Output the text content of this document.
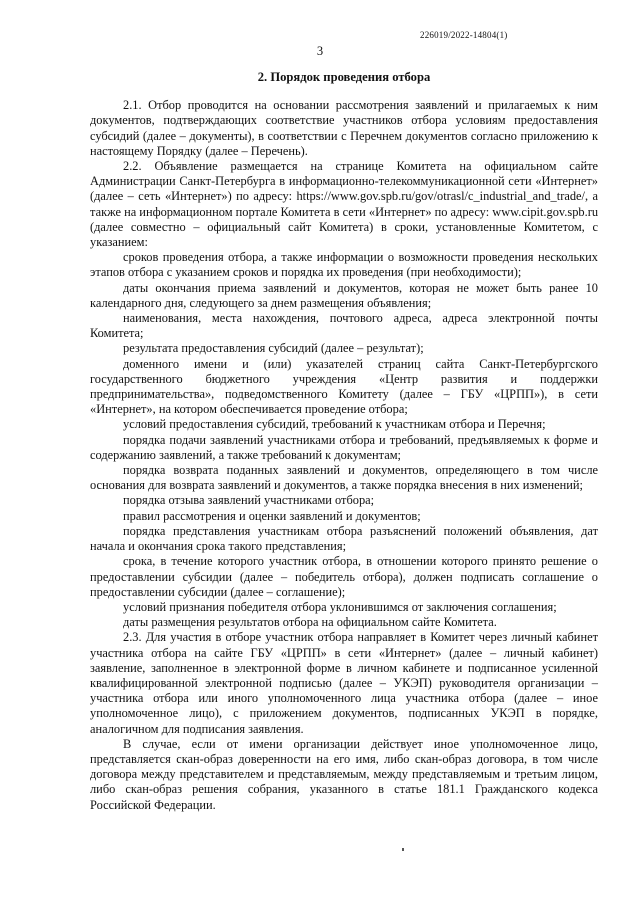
226019/2022-14804(1)
3
2. Порядок проведения отбора

2.1. Отбор проводится на основании рассмотрения заявлений и прилагаемых к ним документов, подтверждающих соответствие участников отбора условиям предоставления субсидий (далее – документы), в соответствии с Перечнем документов согласно приложению к настоящему Порядку (далее – Перечень).

2.2. Объявление размещается на странице Комитета на официальном сайте Администрации Санкт-Петербурга в информационно-телекоммуникационной сети «Интернет» (далее – сеть «Интернет») по адресу: https://www.gov.spb.ru/gov/otrasl/c_industrial_and_trade/, а также на информационном портале Комитета в сети «Интернет» по адресу: www.cipit.gov.spb.ru (далее совместно – официальный сайт Комитета) в сроки, установленные Комитетом, с указанием:

сроков проведения отбора, а также информации о возможности проведения нескольких этапов отбора с указанием сроков и порядка их проведения (при необходимости);

даты окончания приема заявлений и документов, которая не может быть ранее 10 календарного дня, следующего за днем размещения объявления;

наименования, места нахождения, почтового адреса, адреса электронной почты Комитета;

результата предоставления субсидий (далее – результат);

доменного имени и (или) указателей страниц сайта Санкт-Петербургского государственного бюджетного учреждения «Центр развития и поддержки предпринимательства», подведомственного Комитету (далее – ГБУ «ЦРПП»), в сети «Интернет», на котором обеспечивается проведение отбора;

условий предоставления субсидий, требований к участникам отбора и Перечня;

порядка подачи заявлений участниками отбора и требований, предъявляемых к форме и содержанию заявлений, а также требований к документам;

порядка возврата поданных заявлений и документов, определяющего в том числе основания для возврата заявлений и документов, а также порядка внесения в них изменений;

порядка отзыва заявлений участниками отбора;

правил рассмотрения и оценки заявлений и документов;

порядка представления участникам отбора разъяснений положений объявления, дат начала и окончания срока такого представления;

срока, в течение которого участник отбора, в отношении которого принято решение о предоставлении субсидии (далее – победитель отбора), должен подписать соглашение о предоставлении субсидии (далее – соглашение);

условий признания победителя отбора уклонившимся от заключения соглашения;

даты размещения результатов отбора на официальном сайте Комитета.

2.3. Для участия в отборе участник отбора направляет в Комитет через личный кабинет участника отбора на сайте ГБУ «ЦРПП» в сети «Интернет» (далее – личный кабинет) заявление, заполненное в электронной форме в личном кабинете и подписанное усиленной квалифицированной электронной подписью (далее – УКЭП) руководителя организации – участника отбора или иного уполномоченного лица участника отбора (далее – иное уполномоченное лицо), с приложением документов, подписанных УКЭП в порядке, аналогичном для подписания заявления.

В случае, если от имени организации действует иное уполномоченное лицо, представляется скан-образ доверенности на его имя, либо скан-образ договора, в том числе договора между представителем и представляемым, между представляемым и третьим лицом, либо скан-образ решения собрания, указанного в статье 181.1 Гражданского кодекса Российской Федерации.
